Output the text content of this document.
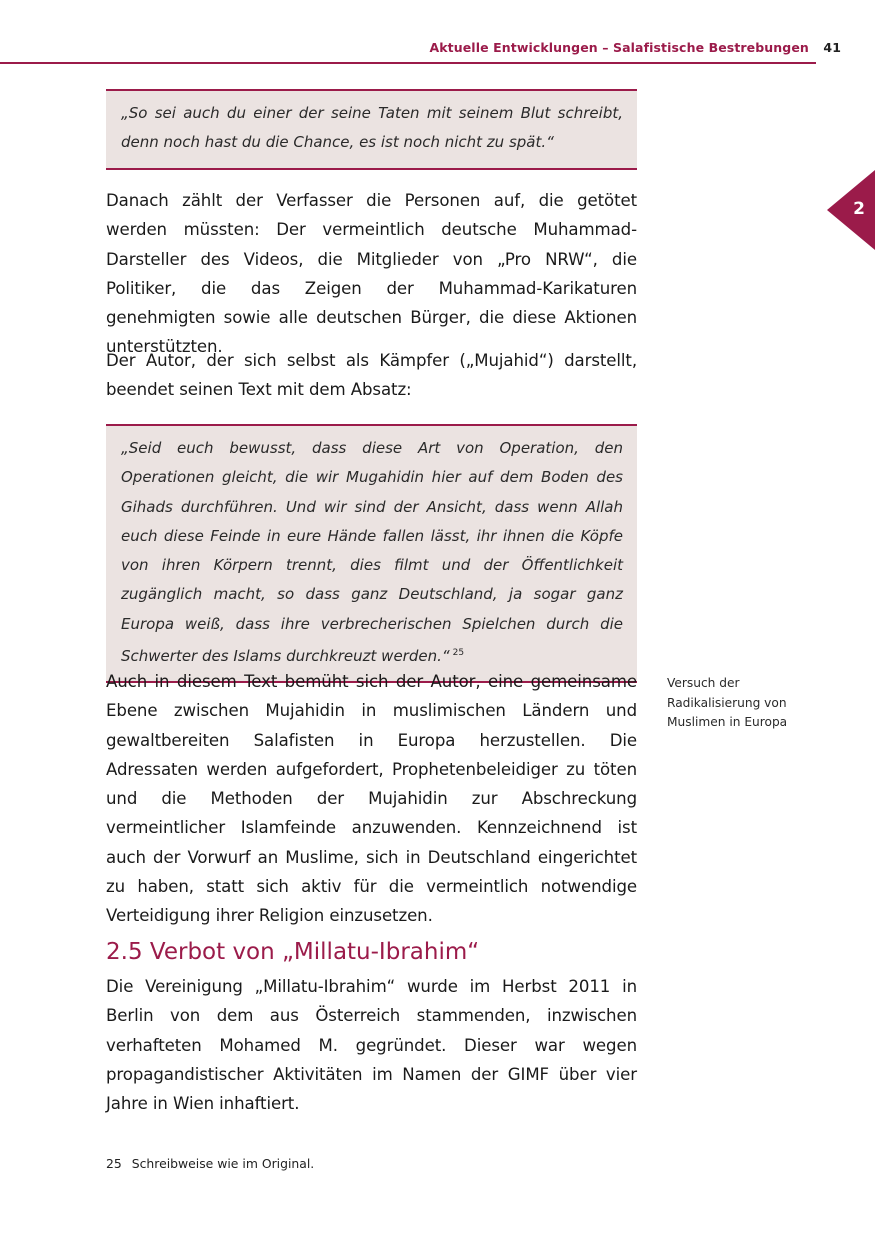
Aktuelle Entwicklungen – Salafistische Bestrebungen 41
2
„So sei auch du einer der seine Taten mit seinem Blut schreibt, denn noch hast du die Chance, es ist noch nicht zu spät.“

Danach zählt der Verfasser die Personen auf, die getötet werden müssten: Der vermeintlich deutsche Muhammad-Darsteller des Videos, die Mitglieder von „Pro NRW“, die Politiker, die das Zeigen der Muhammad-Karikaturen genehmigten sowie alle deutschen Bürger, die diese Aktionen unterstützten.

Der Autor, der sich selbst als Kämpfer („Mujahid“) darstellt, beendet seinen Text mit dem Absatz:

„Seid euch bewusst, dass diese Art von Operation, den Operationen gleicht, die wir Mugahidin hier auf dem Boden des Gihads durchführen. Und wir sind der Ansicht, dass wenn Allah euch diese Feinde in eure Hände fallen lässt, ihr ihnen die Köpfe von ihren Körpern trennt, dies filmt und der Öffentlichkeit zugänglich macht, so dass ganz Deutschland, ja sogar ganz Europa weiß, dass ihre verbrecherischen Spielchen durch die Schwerter des Islams durchkreuzt werden.“ $^{25}$

Auch in diesem Text bemüht sich der Autor, eine gemeinsame Ebene zwischen Mujahidin in muslimischen Ländern und gewaltbereiten Salafisten in Europa herzustellen. Die Adressaten werden aufgefordert, Prophetenbeleidiger zu töten und die Methoden der Mujahidin zur Abschreckung vermeintlicher Islamfeinde anzuwenden. Kennzeichnend ist auch der Vorwurf an Muslime, sich in Deutschland eingerichtet zu haben, statt sich aktiv für die vermeintlich notwendige Verteidigung ihrer Religion einzusetzen.

Versuch der Radikalisierung von Muslimen in Europa
2.5 Verbot von „Millatu-Ibrahim“

Die Vereinigung „Millatu-Ibrahim“ wurde im Herbst 2011 in Berlin von dem aus Österreich stammenden, inzwischen verhafteten Mohamed M. gegründet. Dieser war wegen propagandistischer Aktivitäten im Namen der GIMF über vier Jahre in Wien inhaftiert.

25 Schreibweise wie im Original.
